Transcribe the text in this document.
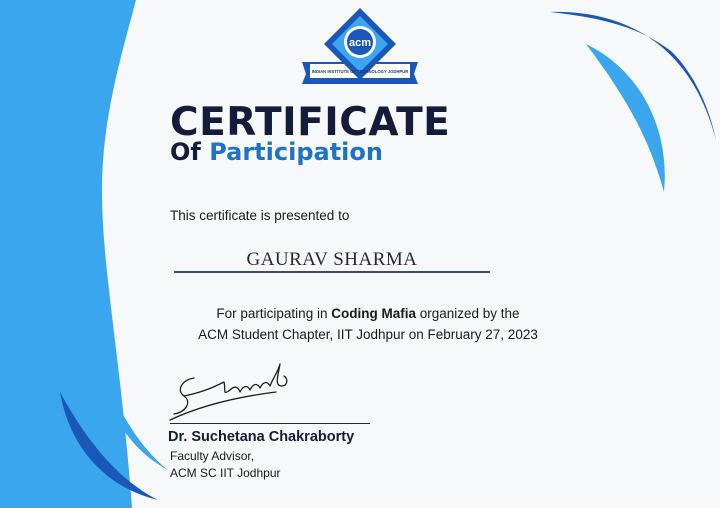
acm
INDIAN INSTITUTE OF TECHNOLOGY JODHPUR
CERTIFICATE
Of Participation
This certificate is presented to
GAURAV SHARMA
For participating in Coding Mafia organized by the
ACM Student Chapter, IIT Jodhpur on February 27, 2023
Dr. Suchetana Chakraborty
Faculty Advisor,
ACM SC IIT Jodhpur
